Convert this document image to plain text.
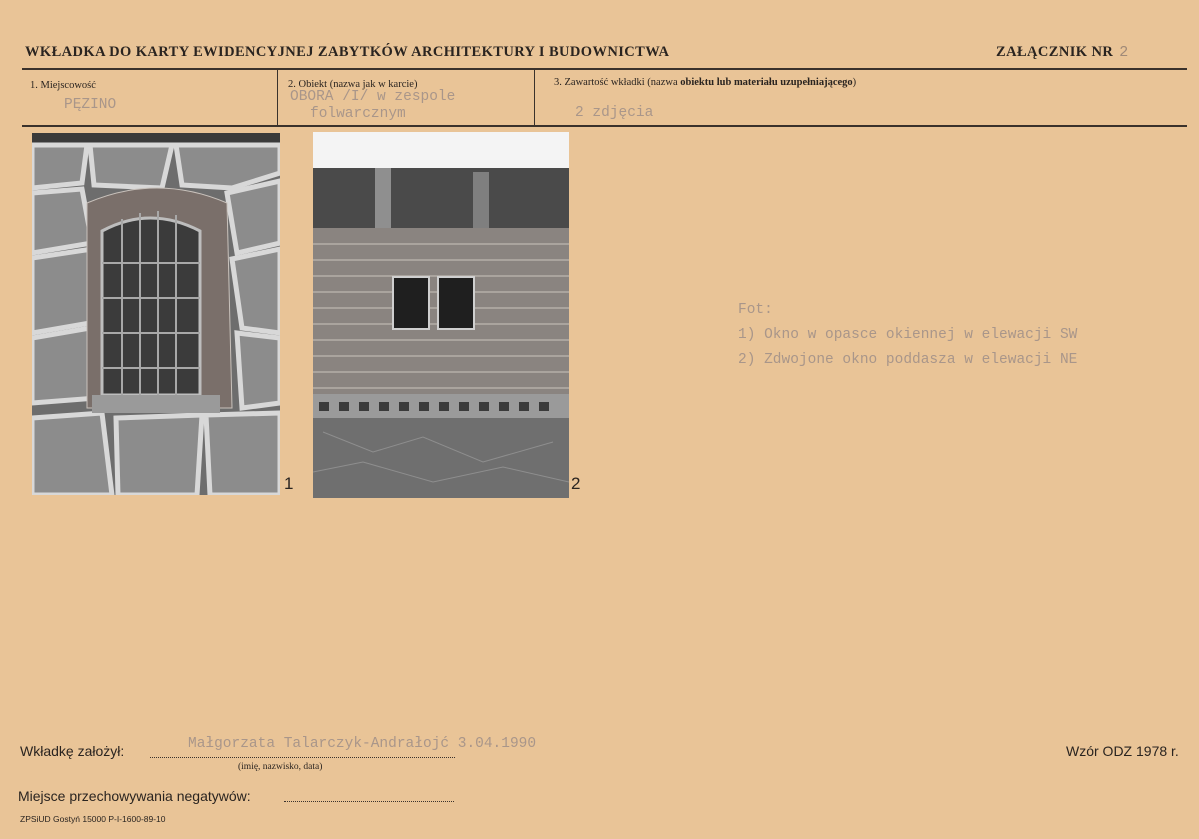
WKŁADKA DO KARTY EWIDENCYJNEJ ZABYTKÓW ARCHITEKTURY I BUDOWNICTWA	ZAŁĄCZNIK NR 2
1. Miejscowość
PĘZINO
2. Obiekt (nazwa jak w karcie)
OBORA /I/ w zespole
folwarcznym
3. Zawartość wkładki (nazwa obiektu lub materiału uzupełniającego)
2 zdjęcia
1	2
Fot:
1) Okno w opasce okiennej w elewacji SW
2) Zdwojone okno poddasza w elewacji NE
Wkładkę założył:	Małgorzata Talarczyk-Andrałojć 3.04.1990
(imię, nazwisko, data)
Wzór ODZ 1978 r.
Miejsce przechowywania negatywów:
ZPSiUD Gostyń 15000 P-I-1600-89-10
